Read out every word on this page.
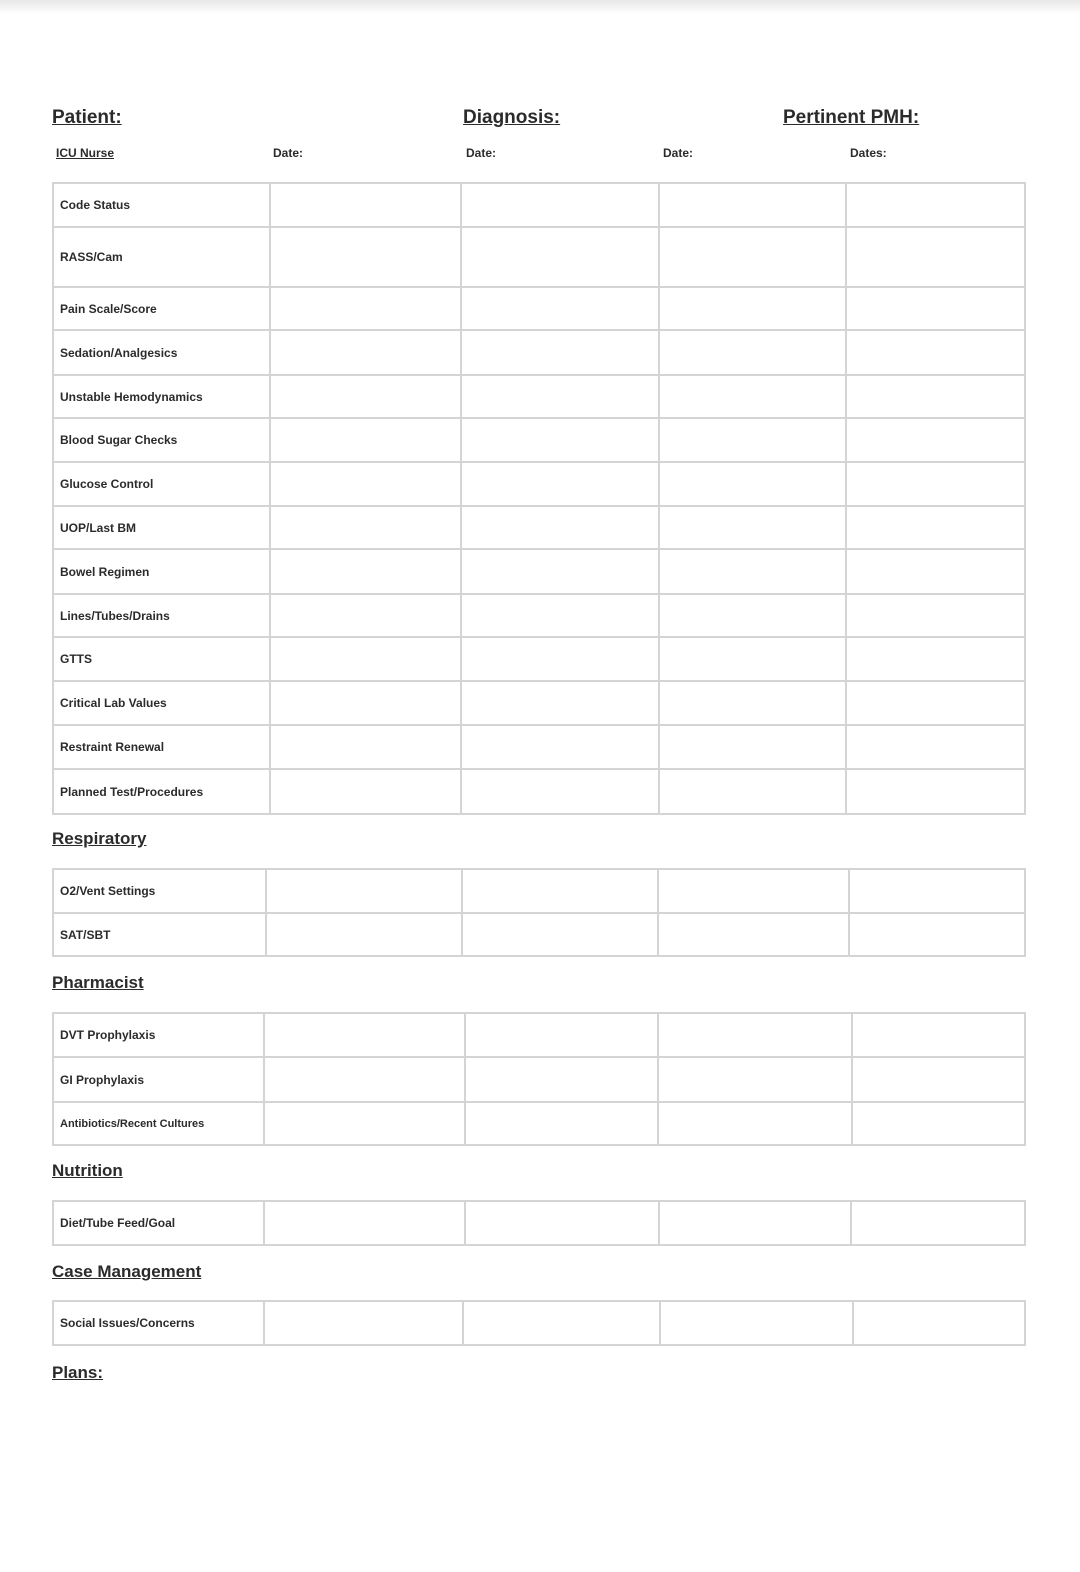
Patient:	Diagnosis:	Pertinent PMH:
ICU Nurse	Date:	Date:	Date:	Dates:
Code Status				
RASS/Cam				
Pain Scale/Score				
Sedation/Analgesics				
Unstable Hemodynamics				
Blood Sugar Checks				
Glucose Control				
UOP/Last BM				
Bowel Regimen				
Lines/Tubes/Drains				
GTTS				
Critical Lab Values				
Restraint Renewal				
Planned Test/Procedures				
Respiratory
O2/Vent Settings				
SAT/SBT				
Pharmacist
DVT Prophylaxis				
GI Prophylaxis				
Antibiotics/Recent Cultures				
Nutrition
Diet/Tube Feed/Goal				
Case Management
Social Issues/Concerns				
Plans:
